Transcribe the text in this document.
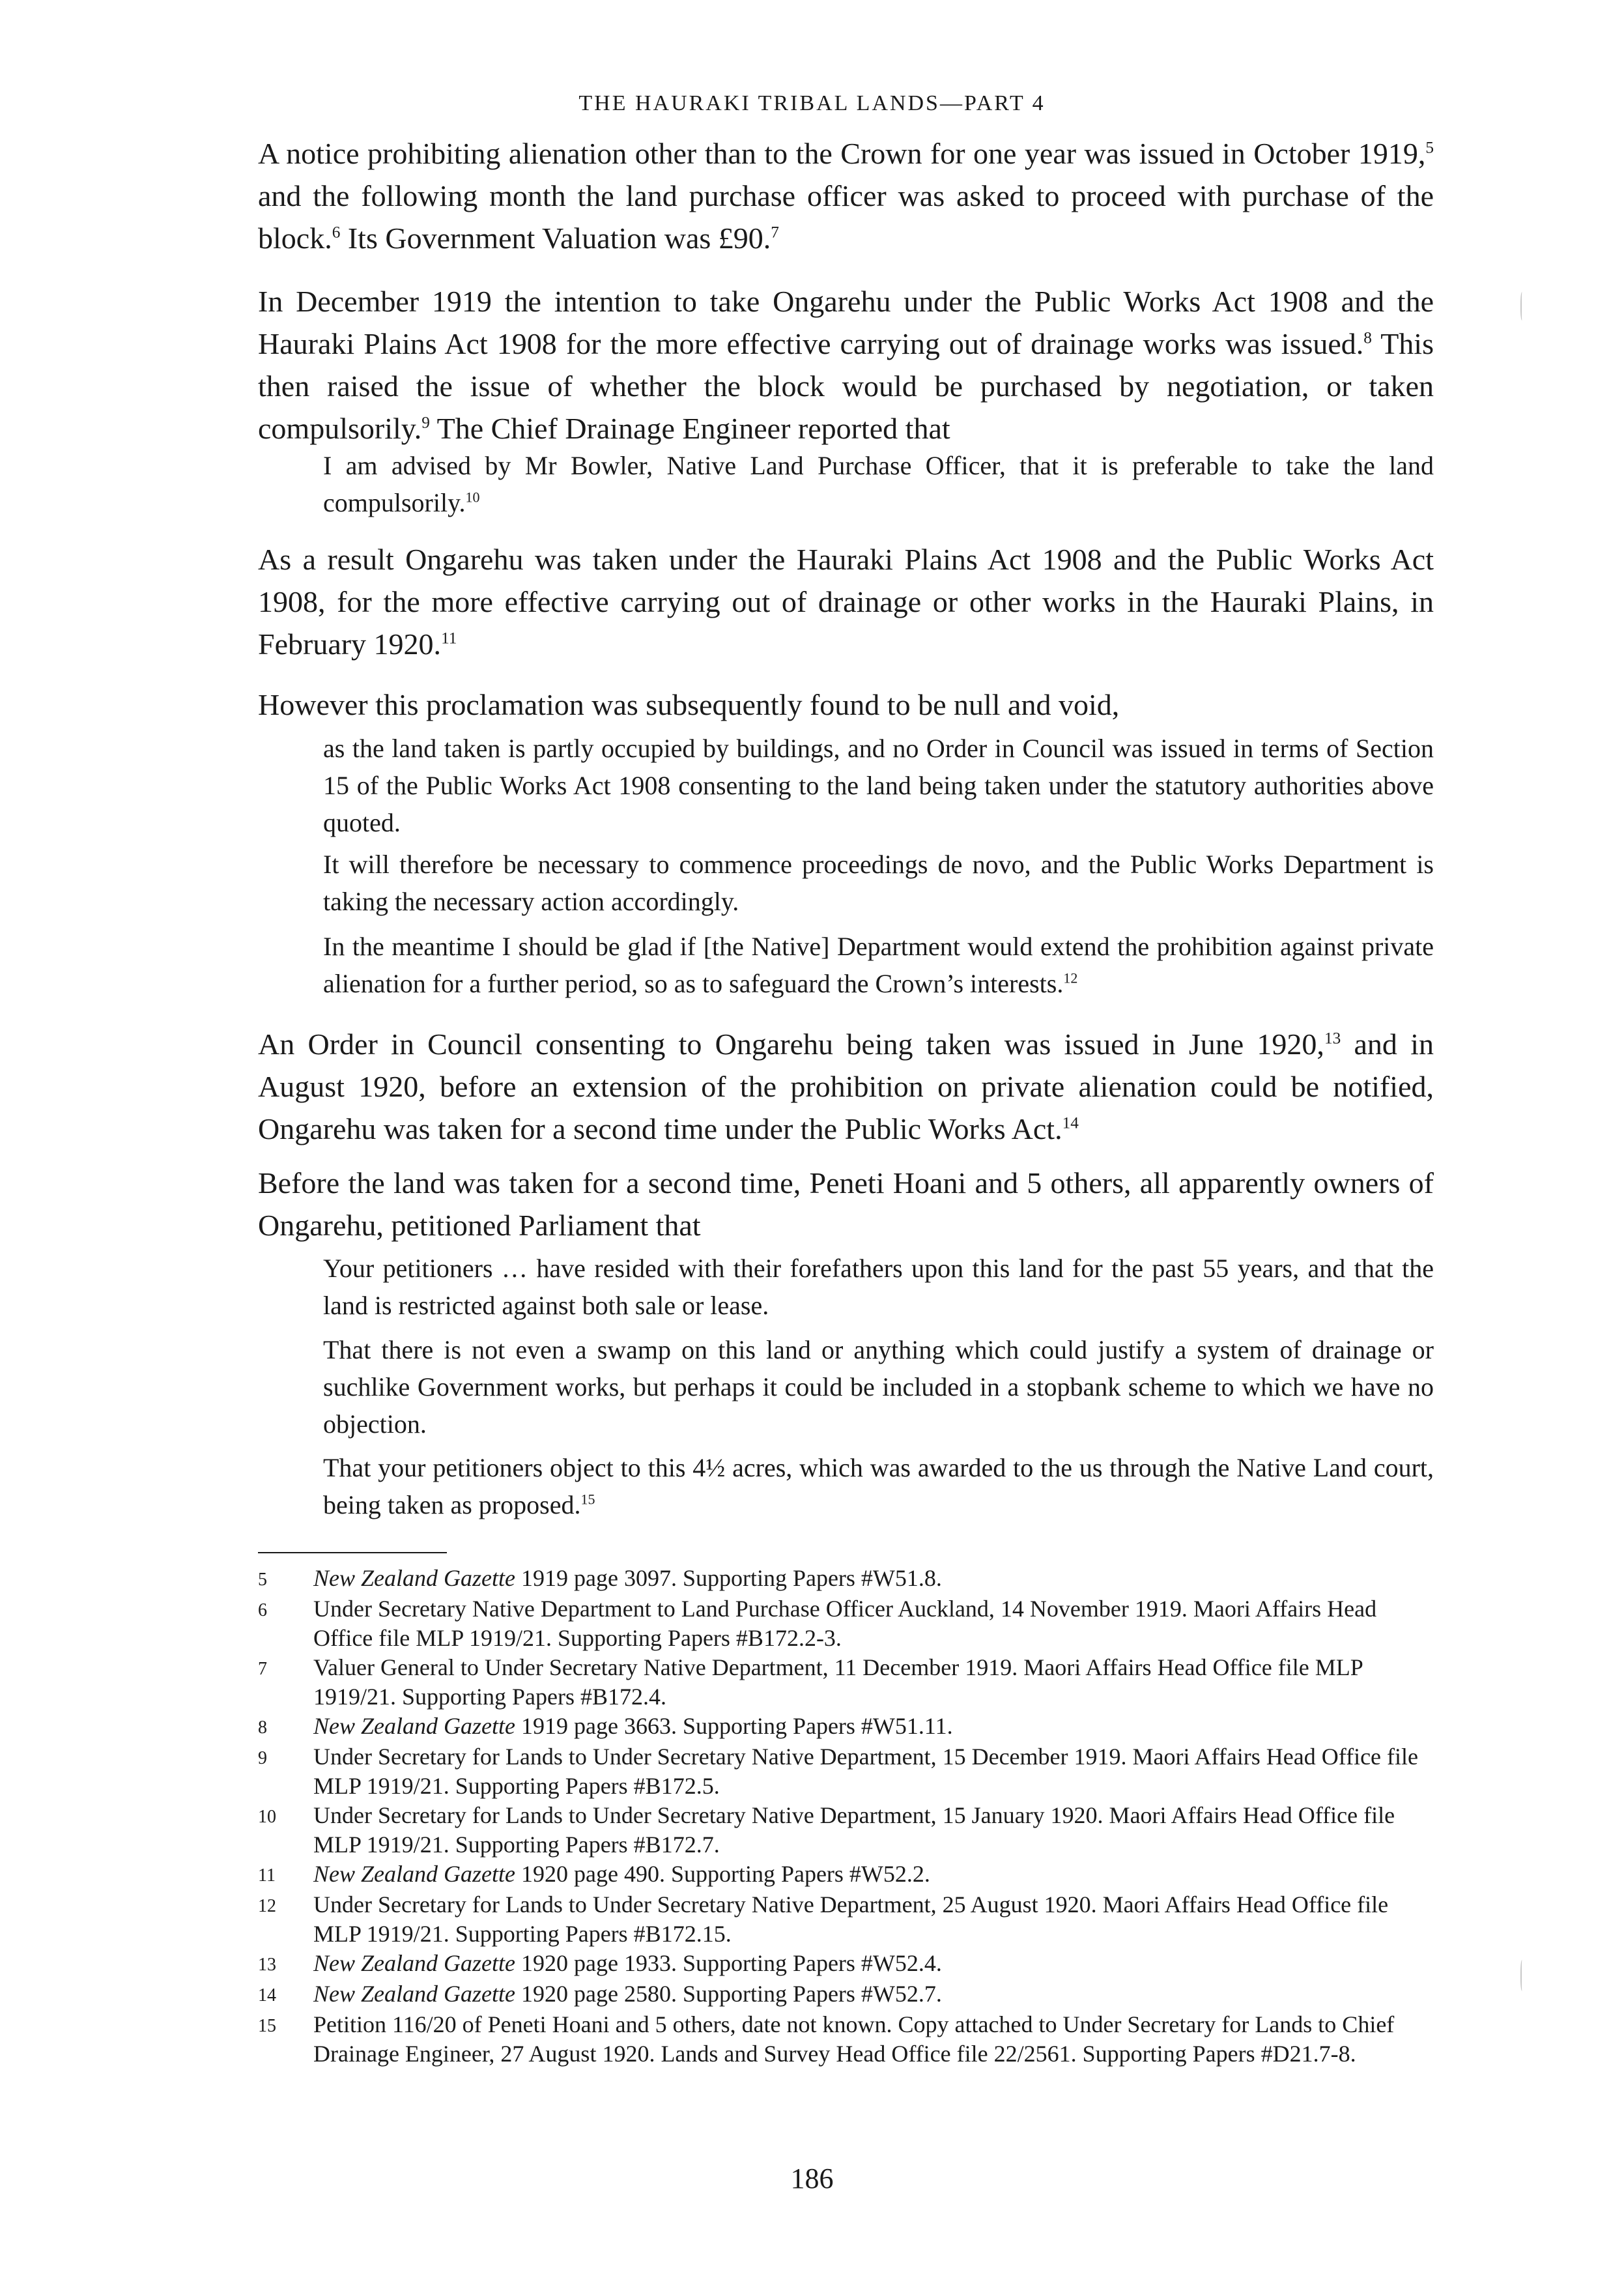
THE HAURAKI TRIBAL LANDS—PART 4

A notice prohibiting alienation other than to the Crown for one year was issued in October 1919,$^5$ and the following month the land purchase officer was asked to proceed with purchase of the block.$^6$ Its Government Valuation was £90.$^7$

In December 1919 the intention to take Ongarehu under the Public Works Act 1908 and the Hauraki Plains Act 1908 for the more effective carrying out of drainage works was issued.$^8$ This then raised the issue of whether the block would be purchased by negotiation, or taken compulsorily.$^9$ The Chief Drainage Engineer reported that

I am advised by Mr Bowler, Native Land Purchase Officer, that it is preferable to take the land compulsorily.$^{10}$

As a result Ongarehu was taken under the Hauraki Plains Act 1908 and the Public Works Act 1908, for the more effective carrying out of drainage or other works in the Hauraki Plains, in February 1920.11

However this proclamation was subsequently found to be null and void,

as the land taken is partly occupied by buildings, and no Order in Council was issued in terms of Section 15 of the Public Works Act 1908 consenting to the land being taken under the statutory authorities above quoted.

It will therefore be necessary to commence proceedings de novo, and the Public Works Department is taking the necessary action accordingly.

In the meantime I should be glad if [the Native] Department would extend the prohibition against private alienation for a further period, so as to safeguard the Crown’s interests.$^{12}$

An Order in Council consenting to Ongarehu being taken was issued in June 1920,13 and in August 1920, before an extension of the prohibition on private alienation could be notified, Ongarehu was taken for a second time under the Public Works Act.$^{14}$

Before the land was taken for a second time, Peneti Hoani and 5 others, all apparently owners of Ongarehu, petitioned Parliament that

Your petitioners … have resided with their forefathers upon this land for the past 55 years, and that the land is restricted against both sale or lease.

That there is not even a swamp on this land or anything which could justify a system of drainage or suchlike Government works, but perhaps it could be included in a stopbank scheme to which we have no objection.

That your petitioners object to this 4½ acres, which was awarded to the us through the Native Land court, being taken as proposed.$^{15}$

5	New Zealand Gazette 1919 page 3097. Supporting Papers #W51.8.
6	Under Secretary Native Department to Land Purchase Officer Auckland, 14 November 1919. Maori Affairs Head Office file MLP 1919/21. Supporting Papers #B172.2-3.
7	Valuer General to Under Secretary Native Department, 11 December 1919. Maori Affairs Head Office file MLP 1919/21. Supporting Papers #B172.4.
8	New Zealand Gazette 1919 page 3663. Supporting Papers #W51.11.
9	Under Secretary for Lands to Under Secretary Native Department, 15 December 1919. Maori Affairs Head Office file MLP 1919/21. Supporting Papers #B172.5.
10	Under Secretary for Lands to Under Secretary Native Department, 15 January 1920. Maori Affairs Head Office file MLP 1919/21. Supporting Papers #B172.7.
11	New Zealand Gazette 1920 page 490. Supporting Papers #W52.2.
12	Under Secretary for Lands to Under Secretary Native Department, 25 August 1920. Maori Affairs Head Office file MLP 1919/21. Supporting Papers #B172.15.
13	New Zealand Gazette 1920 page 1933. Supporting Papers #W52.4.
14	New Zealand Gazette 1920 page 2580. Supporting Papers #W52.7.
15	Petition 116/20 of Peneti Hoani and 5 others, date not known. Copy attached to Under Secretary for Lands to Chief Drainage Engineer, 27 August 1920. Lands and Survey Head Office file 22/2561. Supporting Papers #D21.7-8.
186
